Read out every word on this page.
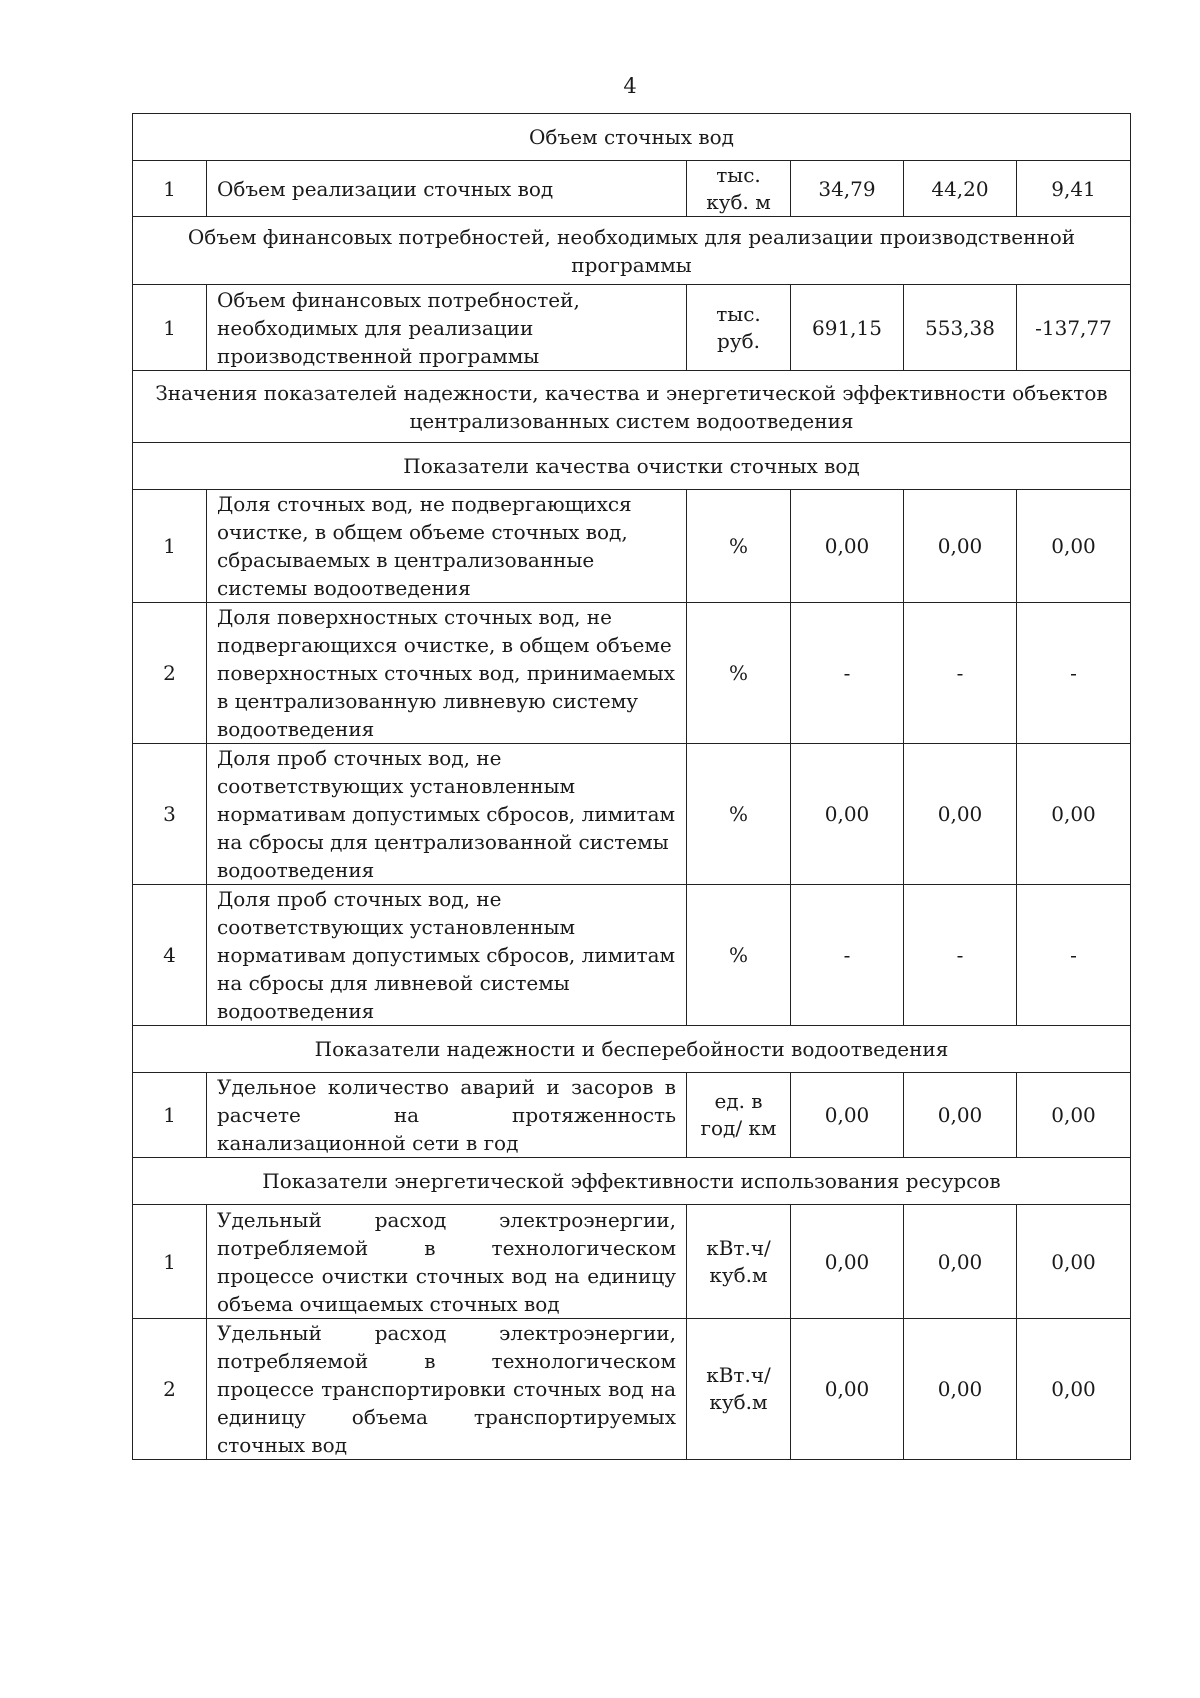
4
Объем сточных вод					
1	Объем реализации сточных вод	тыс. куб. м	34,79	44,20	9,41
Объем финансовых потребностей, необходимых для реализации производственной программы					
1	Объем финансовых потребностей, необходимых для реализации производственной программы	тыс. руб.	691,15	553,38	-137,77
Значения показателей надежности, качества и энергетической эффективности объектов централизованных систем водоотведения					
Показатели качества очистки сточных вод					
1	Доля сточных вод, не подвергающихся очистке, в общем объеме сточных вод, сбрасываемых в централизованные системы водоотведения	%	0,00	0,00	0,00
2	Доля поверхностных сточных вод, не подвергающихся очистке, в общем объеме поверхностных сточных вод, принимаемых в централизованную ливневую систему водоотведения	%	-	-	-
3	Доля проб сточных вод, не соответствующих установленным нормативам допустимых сбросов, лимитам на сбросы для централизованной системы водоотведения	%	0,00	0,00	0,00
4	Доля проб сточных вод, не соответствующих установленным нормативам допустимых сбросов, лимитам на сбросы для ливневой системы водоотведения	%	-	-	-
Показатели надежности и бесперебойности водоотведения					
1	Удельное количество аварий и засоров в расчете на протяженность канализационной сети в год	ед. в год/ км	0,00	0,00	0,00
Показатели энергетической эффективности использования ресурсов					
1	Удельный расход электроэнергии, потребляемой в технологическом процессе очистки сточных вод на единицу объема очищаемых сточных вод	кВт.ч/ куб.м	0,00	0,00	0,00
2	Удельный расход электроэнергии, потребляемой в технологическом процессе транспортировки сточных вод на единицу объема транспортируемых сточных вод	кВт.ч/ куб.м	0,00	0,00	0,00
